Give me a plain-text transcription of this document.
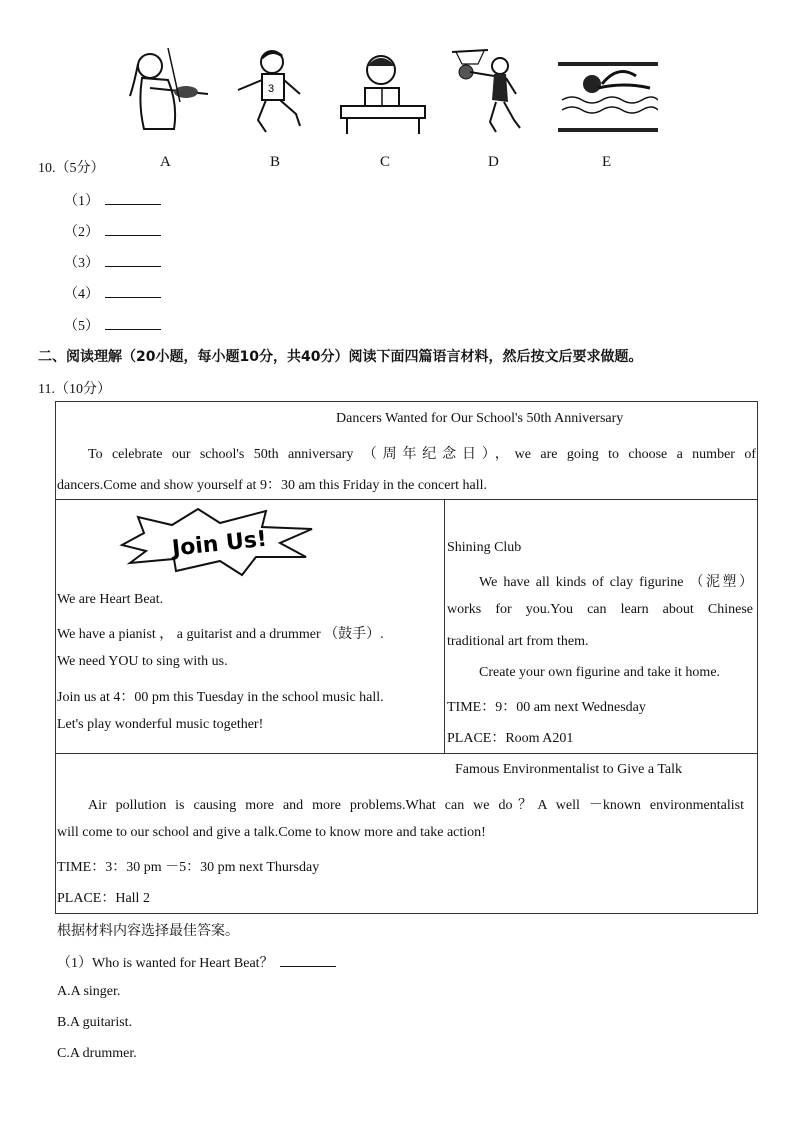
3
A	B	C	D	E
10.（5分）
（1）
（2）
（3）
（4）
（5）
二、阅读理解（20小题，每小题10分，共40分）阅读下面四篇语言材料，然后按文后要求做题。
11.（10分）
Dancers Wanted for Our School's 50th Anniversary
To celebrate our school's 50th anniversary （周年纪念日），we are going to choose a number of
dancers.Come and show yourself at 9：30 am this Friday in the concert hall.
Join Us!
We are Heart Beat.
We have a pianist ， a guitarist and a drummer （鼓手）.
We need YOU to sing with us.
Join us at 4：00 pm this Tuesday in the school music hall.
Let's play wonderful music together!
Shining Club
We have all kinds of clay figurine （泥塑）
works for you.You can learn about Chinese
traditional art from them.
Create your own figurine and take it home.
TIME：9：00 am next Wednesday
PLACE：Room A201
Famous Environmentalist to Give a Talk
Air pollution is causing more and more problems.What can we do？A well －known environmentalist
will come to our school and give a talk.Come to know more and take action!
TIME：3：30 pm －5：30 pm next Thursday
PLACE：Hall 2
根据材料内容选择最佳答案。
（1）Who is wanted for Heart Beat？
A.A singer.
B.A guitarist.
C.A drummer.
